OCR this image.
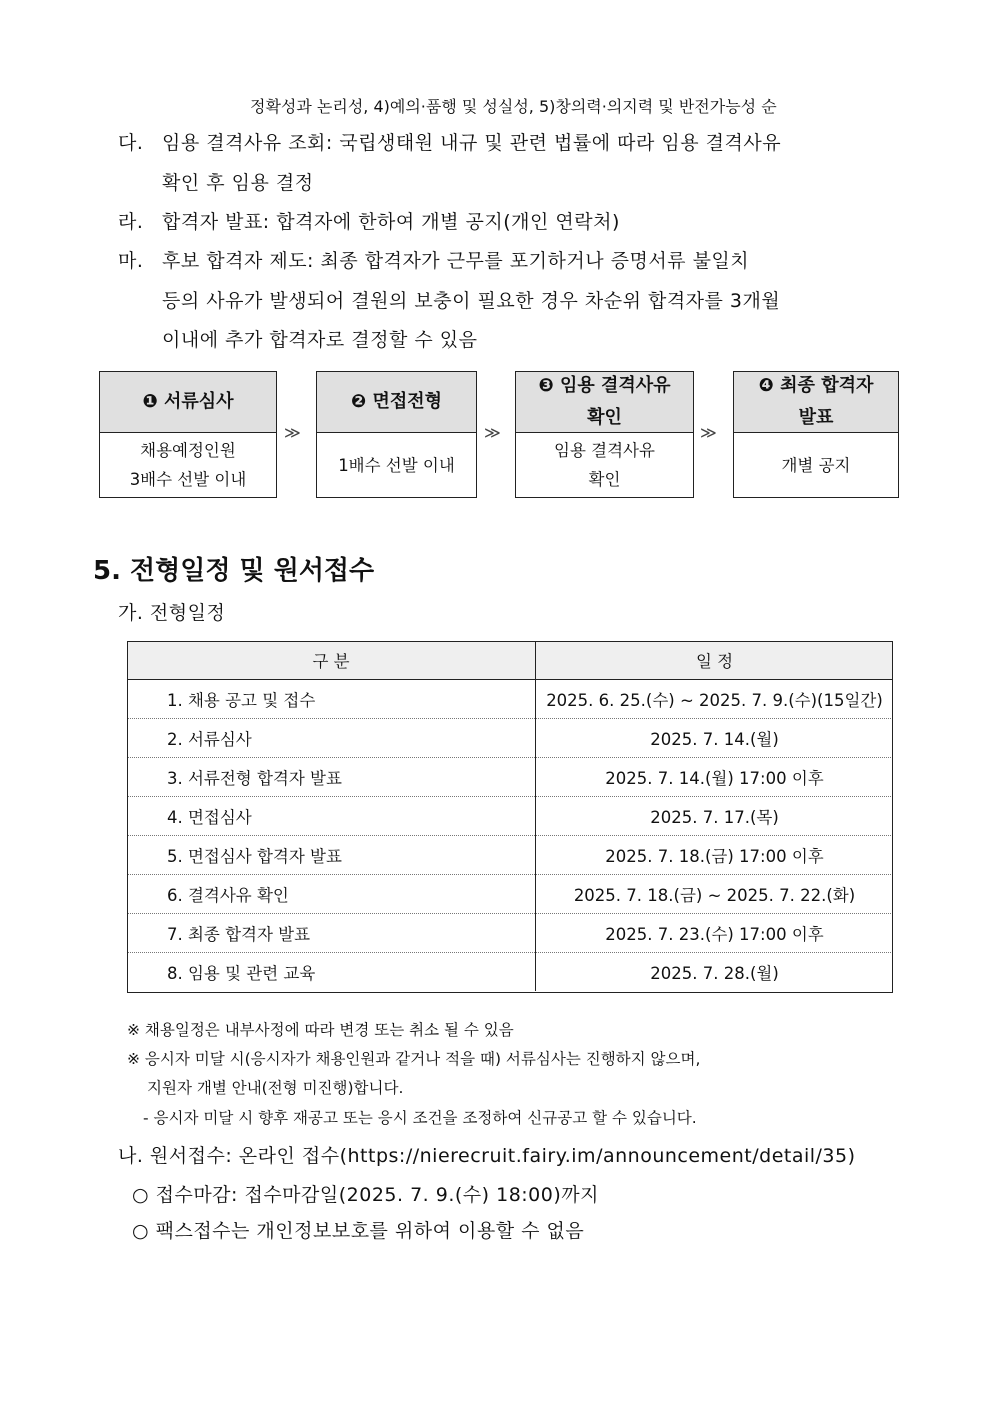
정확성과 논리성, 4)예의·품행 및 성실성, 5)창의력·의지력 및 반전가능성 순
다. 임용 결격사유 조회: 국립생태원 내규 및 관련 법률에 따라 임용 결격사유
확인 후 임용 결정
라. 합격자 발표: 합격자에 한하여 개별 공지(개인 연락처)
마. 후보 합격자 제도: 최종 합격자가 근무를 포기하거나 증명서류 불일치
등의 사유가 발생되어 결원의 보충이 필요한 경우 차순위 합격자를 3개월
이내에 추가 합격자로 결정할 수 있음
❶ 서류심사
채용예정인원
3배수 선발 이내
≫
❷ 면접전형
1배수 선발 이내
≫
❸ 임용 결격사유
확인
임용 결격사유
확인
≫
❹ 최종 합격자
발표
개별 공지
5. 전형일정 및 원서접수
가. 전형일정
구 분	일 정
1. 채용 공고 및 접수	2025. 6. 25.(수) ~ 2025. 7. 9.(수)(15일간)
2. 서류심사	2025. 7. 14.(월)
3. 서류전형 합격자 발표	2025. 7. 14.(월) 17:00 이후
4. 면접심사	2025. 7. 17.(목)
5. 면접심사 합격자 발표	2025. 7. 18.(금) 17:00 이후
6. 결격사유 확인	2025. 7. 18.(금) ~ 2025. 7. 22.(화)
7. 최종 합격자 발표	2025. 7. 23.(수) 17:00 이후
8. 임용 및 관련 교육	2025. 7. 28.(월)
※ 채용일정은 내부사정에 따라 변경 또는 취소 될 수 있음
※ 응시자 미달 시(응시자가 채용인원과 같거나 적을 때) 서류심사는 진행하지 않으며,
지원자 개별 안내(전형 미진행)합니다.
- 응시자 미달 시 향후 재공고 또는 응시 조건을 조정하여 신규공고 할 수 있습니다.
나. 원서접수: 온라인 접수(https://nierecruit.fairy.im/announcement/detail/35)
○ 접수마감: 접수마감일(2025. 7. 9.(수) 18:00)까지
○ 팩스접수는 개인정보보호를 위하여 이용할 수 없음
